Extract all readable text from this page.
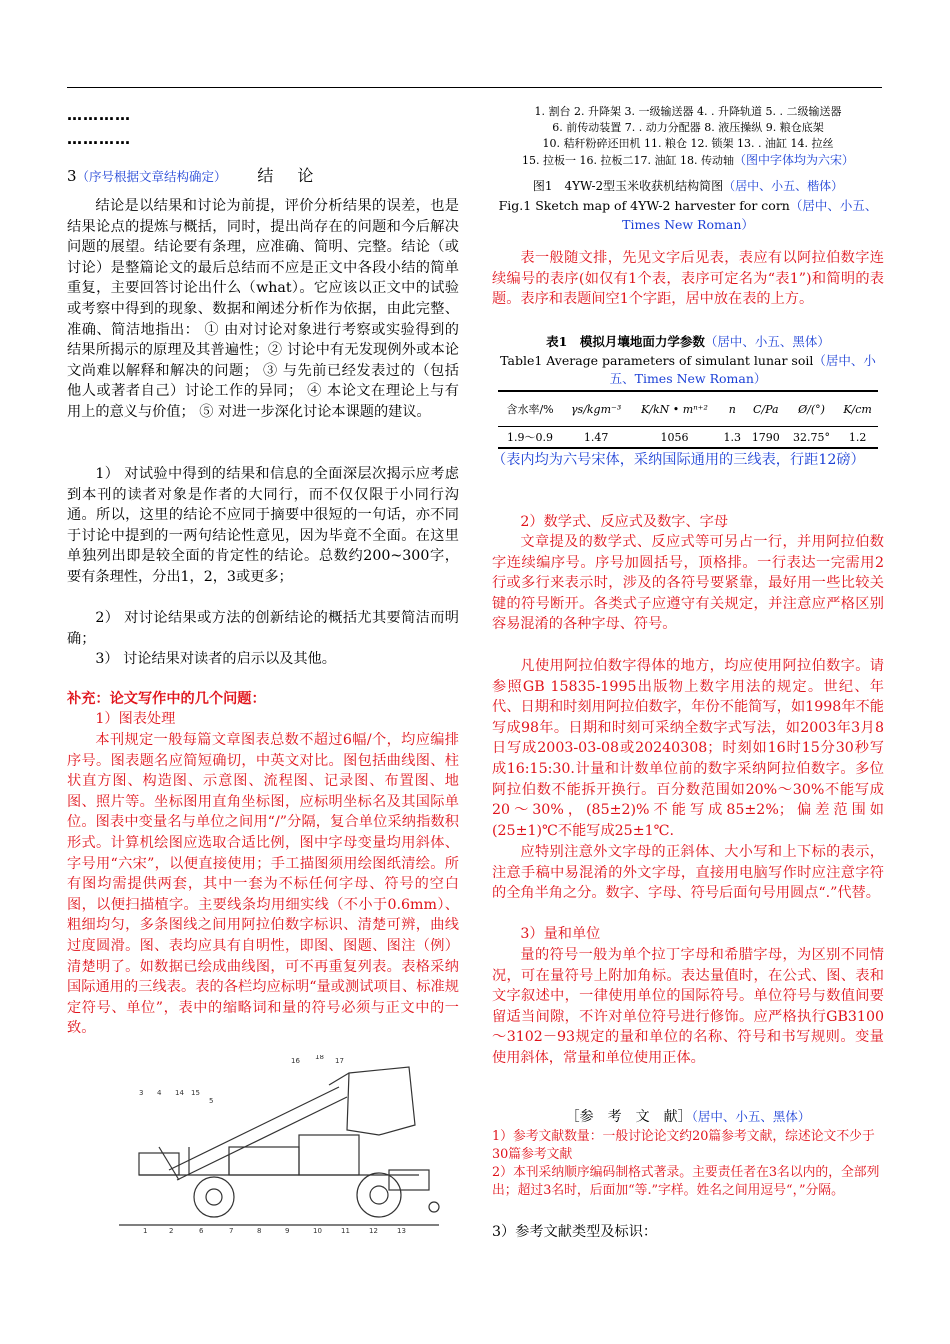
…………
…………
3（序号根据文章结构确定） 结　论

结论是以结果和讨论为前提，评价分析结果的误差，也是结果论点的提炼与概括，同时，提出尚存在的问题和今后解决问题的展望。结论要有条理，应准确、简明、完整。结论（或讨论）是整篇论文的最后总结而不应是正文中各段小结的简单重复，主要回答讨论出什么（what）。它应该以正文中的试验或考察中得到的现象、数据和阐述分析作为依据，由此完整、准确、简洁地指出： ① 由对讨论对象进行考察或实验得到的结果所揭示的原理及其普遍性；② 讨论中有无发现例外或本论文尚难以解释和解决的问题； ③ 与先前已经发表过的（包括他人或著者自己）讨论工作的异同； ④ 本论文在理论上与有用上的意义与价值； ⑤ 对进一步深化讨论本课题的建议。

1） 对试验中得到的结果和信息的全面深层次揭示应考虑到本刊的读者对象是作者的大同行，而不仅仅限于小同行沟通。所以，这里的结论不应同于摘要中很短的一句话，亦不同于讨论中提到的一两句结论性意见，因为毕竟不全面。在这里单独列出即是较全面的肯定性的结论。总数约200~300字，要有条理性，分出1，2，3或更多；

2） 对讨论结果或方法的创新结论的概括尤其要简洁而明确；

3） 讨论结果对读者的启示以及其他。

补充：论文写作中的几个问题：

1）图表处理

本刊规定一般每篇文章图表总数不超过6幅/个，均应编排序号。图表题名应简短确切，中英文对比。图包括曲线图、柱状直方图、构造图、示意图、流程图、记录图、布置图、地图、照片等。坐标图用直角坐标图，应标明坐标名及其国际单位。图表中变量名与单位之间用“/”分隔，复合单位采纳指数积形式。计算机绘图应选取合适比例，图中字母变量均用斜体、字号用“六宋”，以便直接使用；手工描图须用绘图纸清绘。所有图均需提供两套，其中一套为不标任何字母、符号的空白图，以便扫描植字。主要线条均用细实线（不小于0.6mm）、粗细均匀，多条图线之间用阿拉伯数字标识、清楚可辨，曲线过度圆滑。图、表均应具有自明性，即图、图题、图注（例）清楚明了。如数据已绘成曲线图，可不再重复列表。表格采纳国际通用的三线表。表的各栏均应标明“量或测试项目、标准规定符号、单位”，表中的缩略词和量的符号必须与正文中的一致。

16 18 17
3 4 14 15
5
1	2	6	7	8	9	10	11	12	13
1. 割台 2. 升降架 3. 一级输送器 4. . 升降轨道 5. . 二级输送器
6. 前传动装置 7. . 动力分配器 8. 液压操纵 9. 粮仓底架
10. 秸秆粉碎还田机 11. 粮仓 12. 锁架 13. . 油缸 14. 拉丝
15. 拉板一 16. 拉板二17. 油缸 18. 传动轴（图中字体均为六宋）
图1　4YW-2型玉米收获机结构简图（居中、小五、楷体）
Fig.1 Sketch map of 4YW-2 harvester for corn（居中、小五、Times New Roman）

表一般随文排，先见文字后见表，表应有以阿拉伯数字连续编号的表序(如仅有1个表，表序可定名为“表1”)和简明的表题。表序和表题间空1个字距，居中放在表的上方。

表1　模拟月壤地面力学参数（居中、小五、黑体）
Table1 Average parameters of simulant lunar soil（居中、小五、Times New Roman）
含水率/%	γs/kgm⁻³	K/kN • mⁿ⁺²	n	C/Pa	Ø/(°)	K/cm
1.9～0.9	1.47	1056	1.3	1790	32.75°	1.2

（表内均为六号宋体，采纳国际通用的三线表，行距12磅）

2）数学式、反应式及数字、字母

文章提及的数学式、反应式等可另占一行，并用阿拉伯数字连续编序号。序号加圆括号，顶格排。一行表达一完需用2行或多行来表示时，涉及的各符号要紧靠，最好用一些比较关键的符号断开。各类式子应遵守有关规定，并注意应严格区别容易混淆的各种字母、符号。

凡使用阿拉伯数字得体的地方，均应使用阿拉伯数字。请参照GB 15835-1995出版物上数字用法的规定。世纪、年代、日期和时刻用阿拉伯数字，年份不能简写，如1998年不能写成98年。日期和时刻可采纳全数字式写法，如2003年3月8日写成2003-03-08或20240308；时刻如16时15分30秒写成16:15:30.计量和计数单位前的数字采纳阿拉伯数字。多位阿拉伯数不能拆开换行。百分数范围如20%～30%不能写成20～30%，(85±2)%不能写成85±2%；偏差范围如(25±1)℃不能写成25±1℃.

应特别注意外文字母的正斜体、大小写和上下标的表示，注意手稿中易混淆的外文字母，直接用电脑写作时应注意字符的全角半角之分。数字、字母、符号后面句号用圆点“.”代替。

3）量和单位

量的符号一般为单个拉丁字母和希腊字母，为区别不同情况，可在量符号上附加角标。表达量值时，在公式、图、表和文字叙述中，一律使用单位的国际符号。单位符号与数值间要留适当间隙，不许对单位符号进行修饰。应严格执行GB3100～3102－93规定的量和单位的名称、符号和书写规则。变量使用斜体，常量和单位使用正体。

［参　考　文　献］（居中、小五、黑体）

1）参考文献数量：一般讨论论文约20篇参考文献，综述论文不少于30篇参考文献

2）本刊采纳顺序编码制格式著录。主要责任者在3名以内的，全部列出；超过3名时，后面加“等.”字样。姓名之间用逗号“，”分隔。

3）参考文献类型及标识：
